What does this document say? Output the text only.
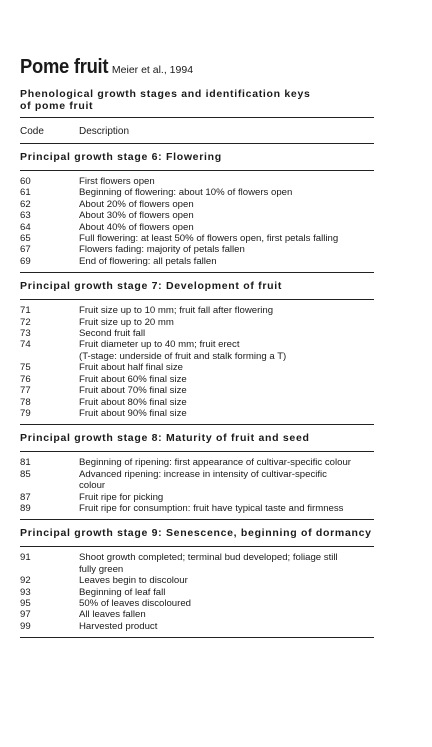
Pome fruit Meier et al., 1994
Phenological growth stages and identification keys
of pome fruit
Code	Description
Principal growth stage 6: Flowering
60	First flowers open
61	Beginning of flowering: about 10% of flowers open
62	About 20% of flowers open
63	About 30% of flowers open
64	About 40% of flowers open
65	Full flowering: at least 50% of flowers open, first petals falling
67	Flowers fading: majority of petals fallen
69	End of flowering: all petals fallen
Principal growth stage 7: Development of fruit
71	Fruit size up to 10 mm; fruit fall after flowering
72	Fruit size up to 20 mm
73	Second fruit fall
74	Fruit diameter up to 40 mm; fruit erect
(T-stage: underside of fruit and stalk forming a T)
75	Fruit about half final size
76	Fruit about 60% final size
77	Fruit about 70% final size
78	Fruit about 80% final size
79	Fruit about 90% final size
Principal growth stage 8: Maturity of fruit and seed
81	Beginning of ripening: first appearance of cultivar-specific colour
85	Advanced ripening: increase in intensity of cultivar-specific
colour
87	Fruit ripe for picking
89	Fruit ripe for consumption: fruit have typical taste and firmness
Principal growth stage 9: Senescence, beginning of dormancy
91	Shoot growth completed; terminal bud developed; foliage still
fully green
92	Leaves begin to discolour
93	Beginning of leaf fall
95	50% of leaves discoloured
97	All leaves fallen
99	Harvested product
